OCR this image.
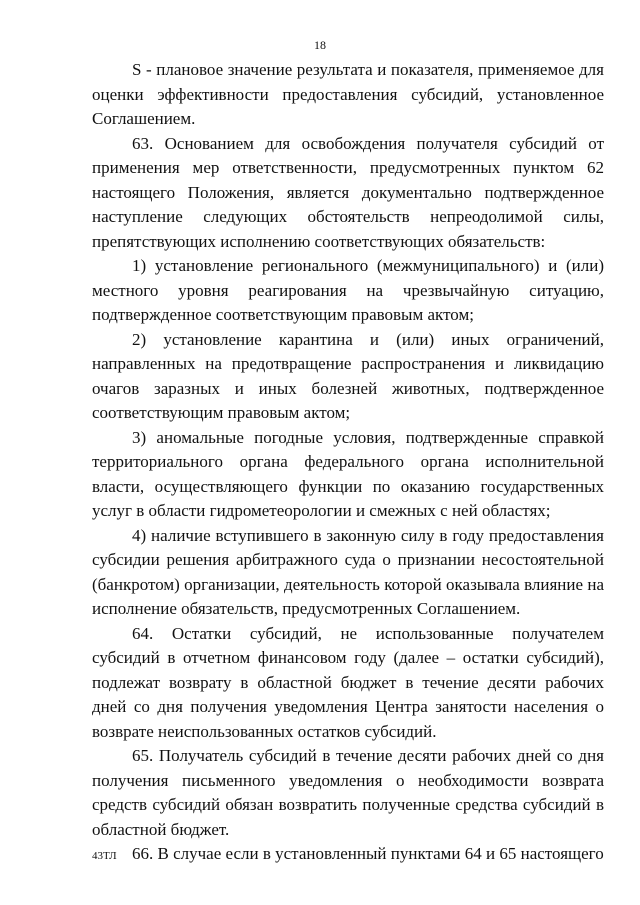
18

S - плановое значение результата и показателя, применяемое для оценки эффективности предоставления субсидий, установленное Соглашением.

63. Основанием для освобождения получателя субсидий от применения мер ответственности, предусмотренных пунктом 62 настоящего Положения, является документально подтвержденное наступление следующих обстоятельств непреодолимой силы, препятствующих исполнению соответствующих обязательств:

1) установление регионального (межмуниципального) и (или) местного уровня реагирования на чрезвычайную ситуацию, подтвержденное соответствующим правовым актом;

2) установление карантина и (или) иных ограничений, направленных на предотвращение распространения и ликвидацию очагов заразных и иных болезней животных, подтвержденное соответствующим правовым актом;

3) аномальные погодные условия, подтвержденные справкой территориального органа федерального органа исполнительной власти, осуществляющего функции по оказанию государственных услуг в области гидрометеорологии и смежных с ней областях;

4) наличие вступившего в законную силу в году предоставления субсидии решения арбитражного суда о признании несостоятельной (банкротом) организации, деятельность которой оказывала влияние на исполнение обязательств, предусмотренных Соглашением.

64. Остатки субсидий, не использованные получателем субсидий в отчетном финансовом году (далее – остатки субсидий), подлежат возврату в областной бюджет в течение десяти рабочих дней со дня получения уведомления Центра занятости населения о возврате неиспользованных остатков субсидий.

65. Получатель субсидий в течение десяти рабочих дней со дня получения письменного уведомления о необходимости возврата средств субсидий обязан возвратить полученные средства субсидий в областной бюджет.

66. В случае если в установленный пунктами 64 и 65 настоящего

43ТЛ
